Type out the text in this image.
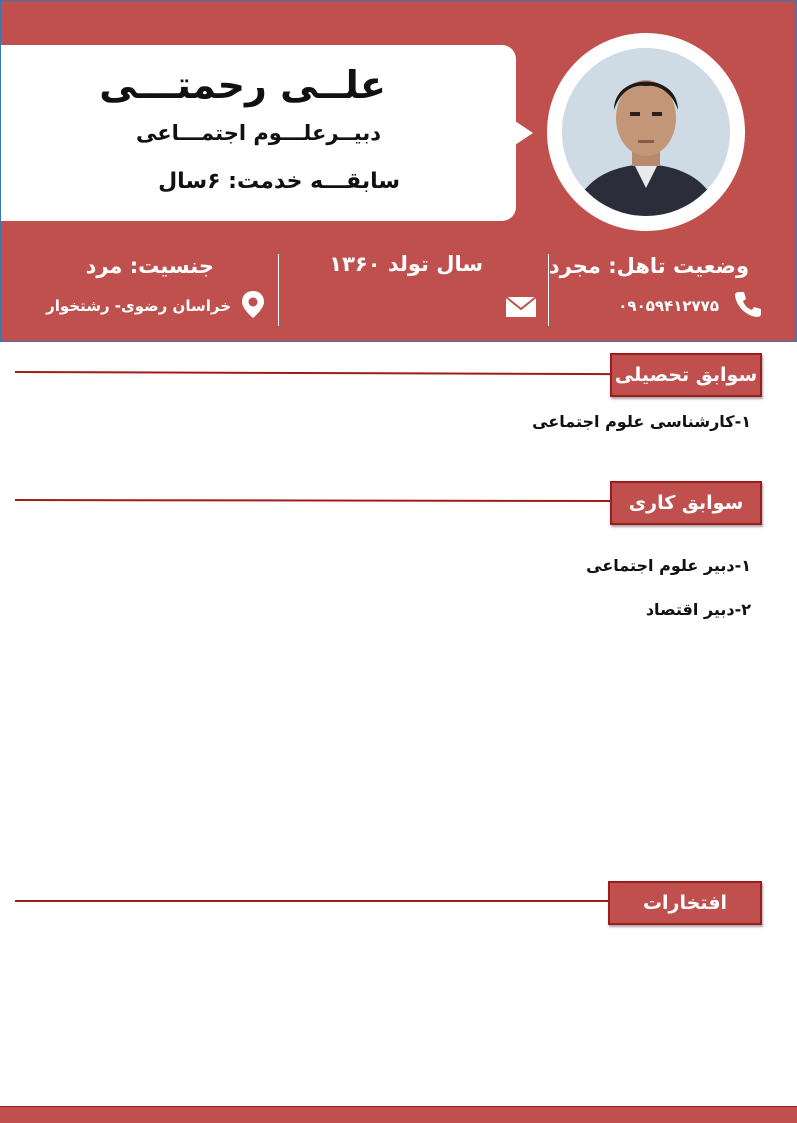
علــی رحمتـــی
دبیــرعلـــوم اجتمـــاعی
سابقـــه خدمت: ۶سال
وضعیت تاهل: مجرد
سال تولد ۱۳۶۰
جنسیت: مرد
۰۹۰۵۹۴۱۲۷۷۵
خراسان رضوی- رشتخوار
سوابق تحصیلی
۱-کارشناسی علوم اجتماعی
سوابق کاری
۱-دبیر علوم اجتماعی
۲-دبیر اقتصاد
افتخارات
